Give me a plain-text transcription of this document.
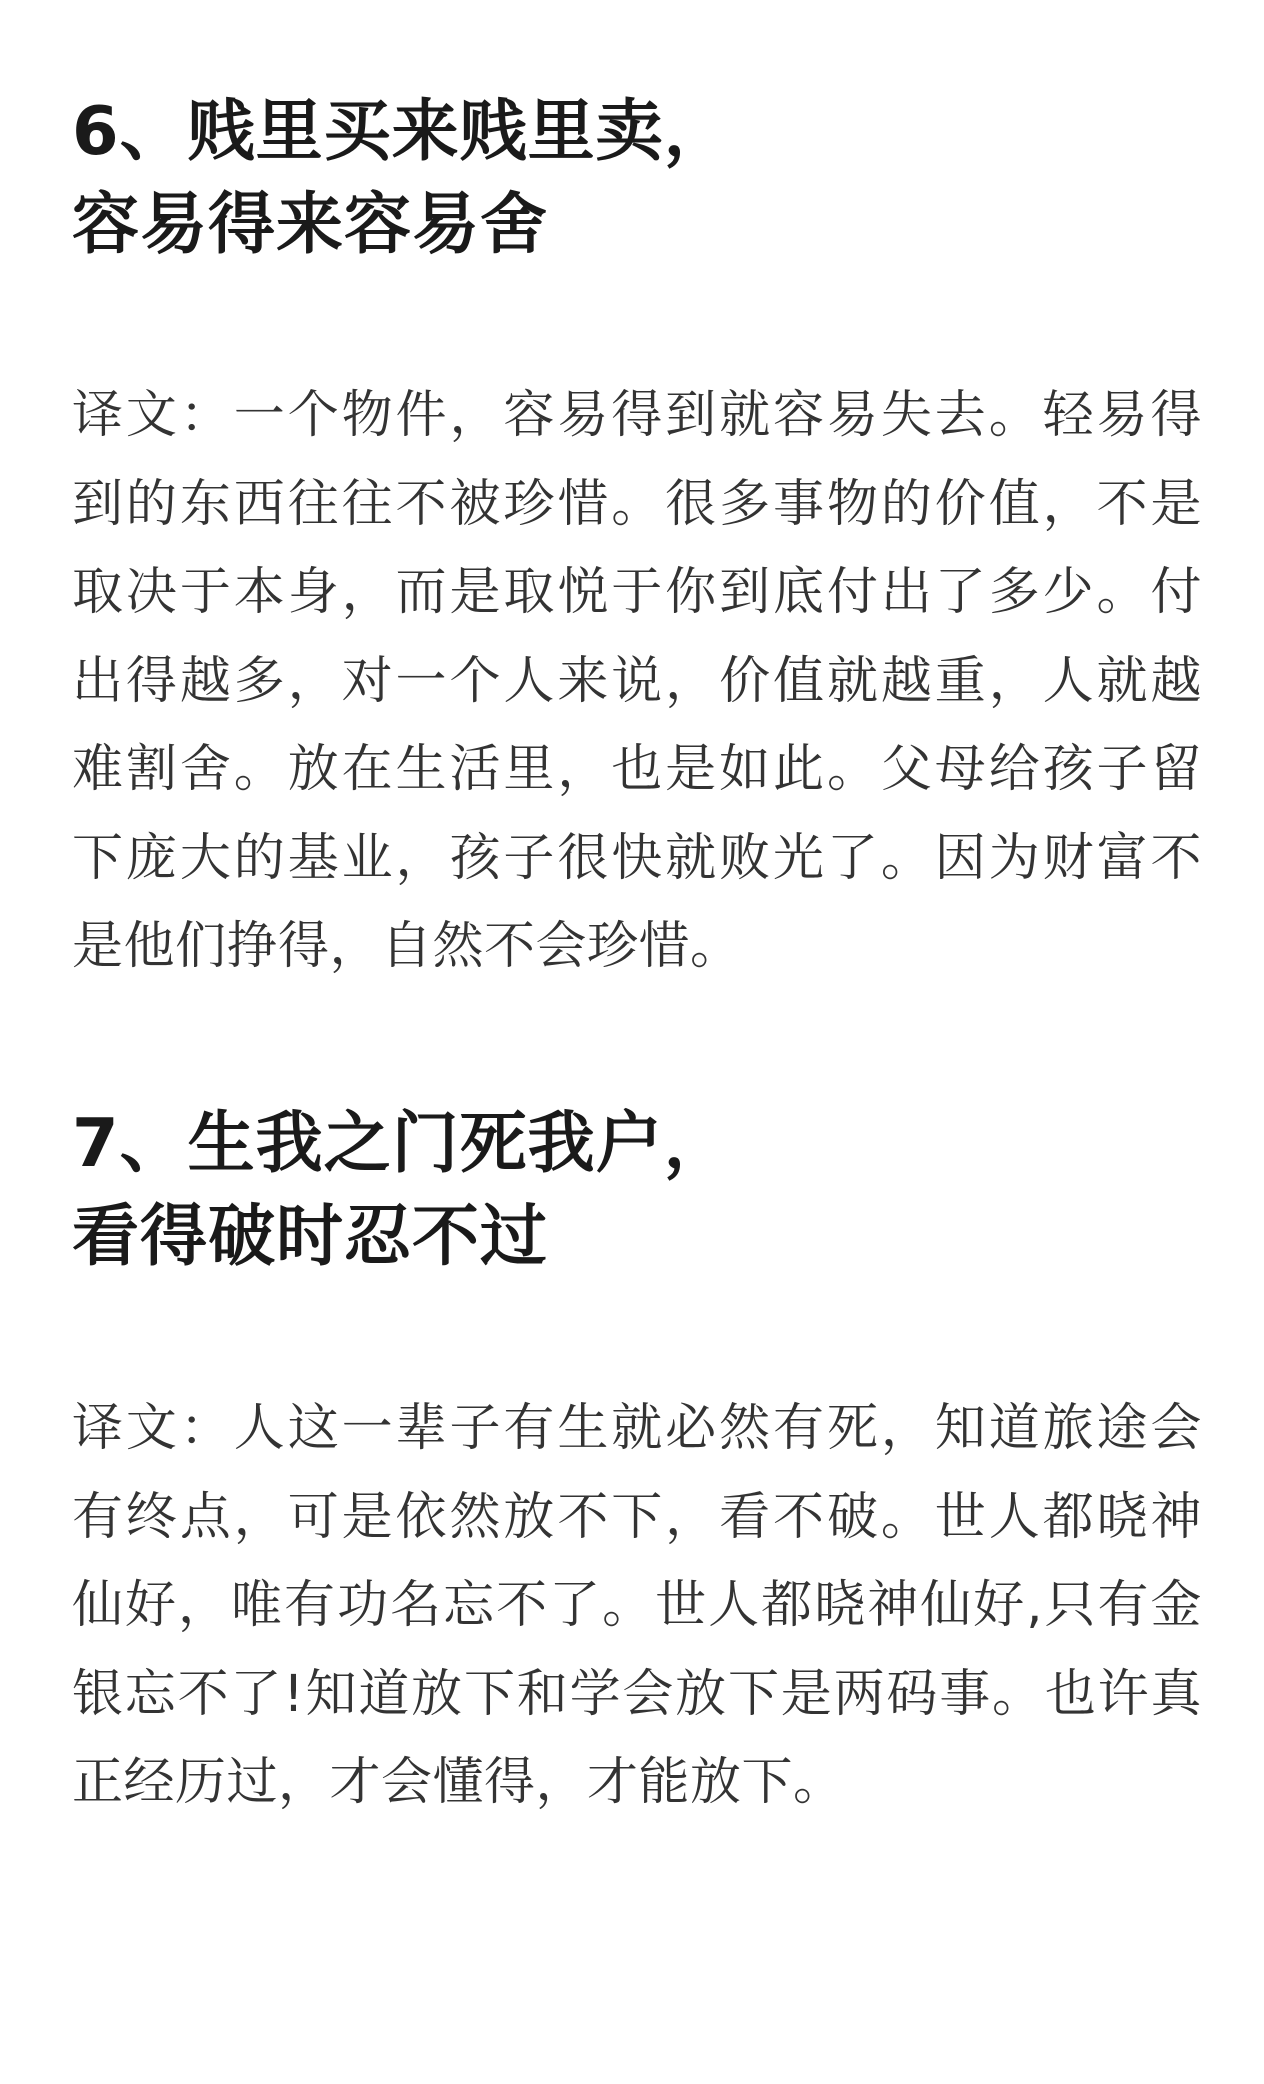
6、贱里买来贱里卖，
容易得来容易舍

译文：一个物件，容易得到就容易失去。轻易得到的东西往往不被珍惜。很多事物的价值，不是取决于本身，而是取悦于你到底付出了多少。付出得越多，对一个人来说，价值就越重，人就越难割舍。放在生活里，也是如此。父母给孩子留下庞大的基业，孩子很快就败光了。因为财富不是他们挣得，自然不会珍惜。

7、生我之门死我户，
看得破时忍不过

译文：人这一辈子有生就必然有死，知道旅途会有终点，可是依然放不下，看不破。世人都晓神仙好，唯有功名忘不了。世人都晓神仙好,只有金银忘不了!知道放下和学会放下是两码事。也许真正经历过，才会懂得，才能放下。
